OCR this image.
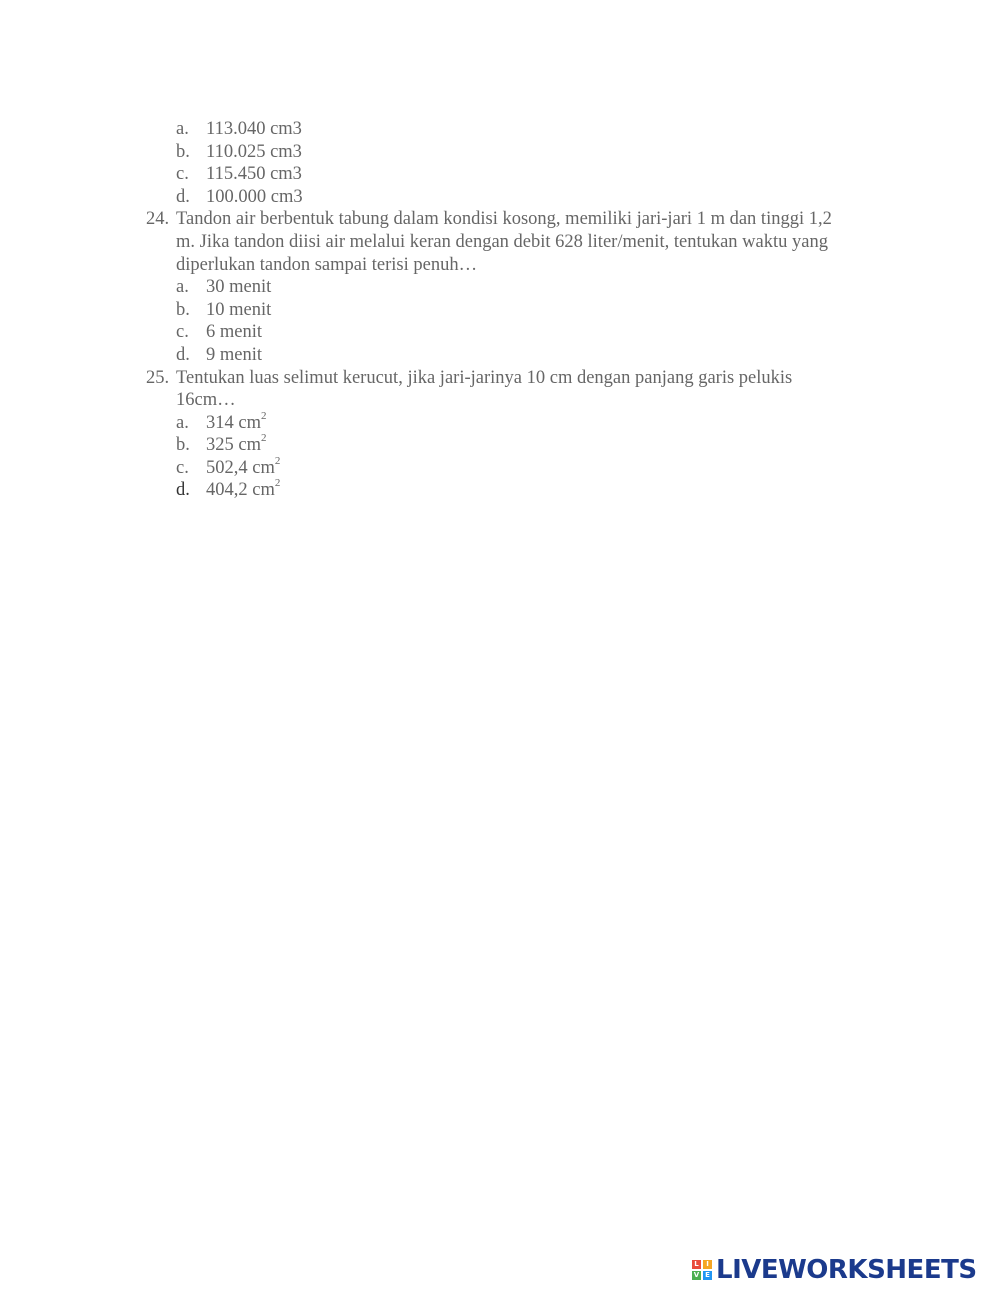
a. 113.040 cm3
b. 110.025 cm3
c. 115.450 cm3
d. 100.000 cm3
24. Tandon air berbentuk tabung dalam kondisi kosong, memiliki jari-jari 1 m dan tinggi 1,2
m. Jika tandon diisi air melalui keran dengan debit 628 liter/menit, tentukan waktu yang
diperlukan tandon sampai terisi penuh…
a. 30 menit
b. 10 menit
c. 6 menit
d. 9 menit
25. Tentukan luas selimut kerucut, jika jari-jarinya 10 cm dengan panjang garis pelukis
16cm…
a. 314 $cm^2$
b. 325 $cm^2$
c. 502,4 $cm^2$
d. 404,2 $cm^2$
L	I
V E LIVEWORKSHEETS
